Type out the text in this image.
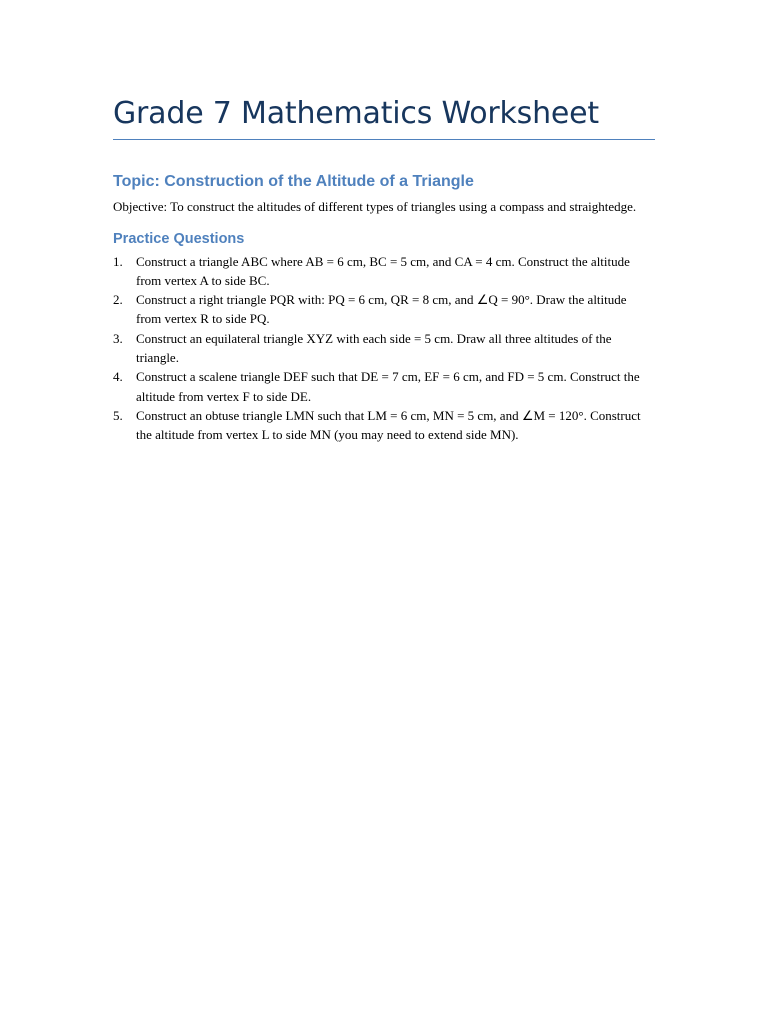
Grade 7 Mathematics Worksheet
Topic: Construction of the Altitude of a Triangle

Objective: To construct the altitudes of different types of triangles using a compass and straightedge.

Practice Questions
1. Construct a triangle ABC where AB = 6 cm, BC = 5 cm, and CA = 4 cm. Construct the altitude from vertex A to side BC.
2. Construct a right triangle PQR with: PQ = 6 cm, QR = 8 cm, and ∠Q = 90°. Draw the altitude from vertex R to side PQ.
3. Construct an equilateral triangle XYZ with each side = 5 cm. Draw all three altitudes of the triangle.
4. Construct a scalene triangle DEF such that DE = 7 cm, EF = 6 cm, and FD = 5 cm. Construct the altitude from vertex F to side DE.
5. Construct an obtuse triangle LMN such that LM = 6 cm, MN = 5 cm, and ∠M = 120°. Construct the altitude from vertex L to side MN (you may need to extend side MN).
